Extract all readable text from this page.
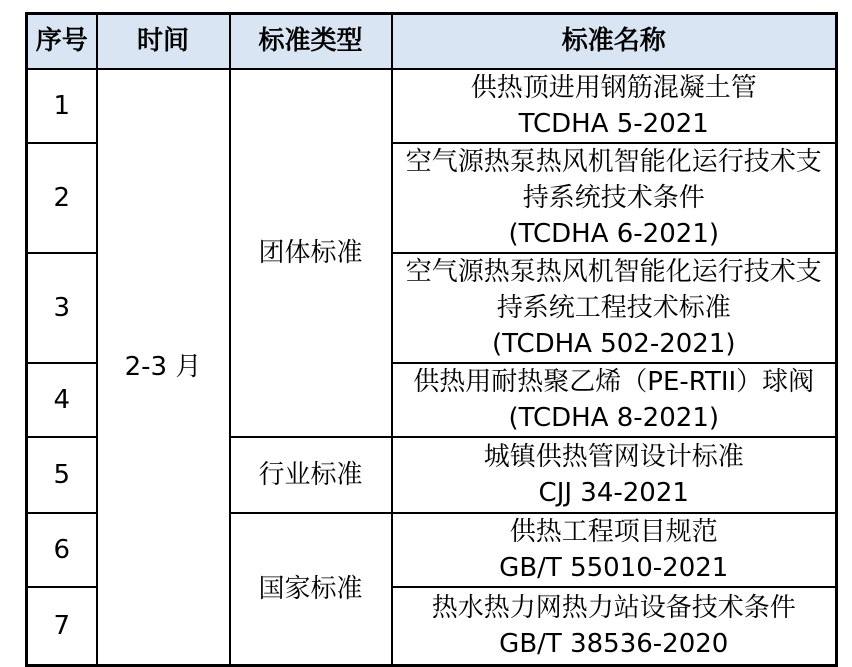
序号	时间	标准类型	标准名称
1	2-3 月	团体标准	供热顶进用钢筋混凝土管
TCDHA 5-2021

2			空气源热泵热风机智能化运行技术支
持系统技术条件
(TCDHA 6-2021)

3			空气源热泵热风机智能化运行技术支
持系统工程技术标准
(TCDHA 502-2021)

4			供热用耐热聚乙烯（PE-RTII）球阀
(TCDHA 8-2021)

5		行业标准	城镇供热管网设计标准
CJJ 34-2021

6		国家标准	供热工程项目规范
GB/T 55010-2021

7			热水热力网热力站设备技术条件
GB/T 38536-2020
